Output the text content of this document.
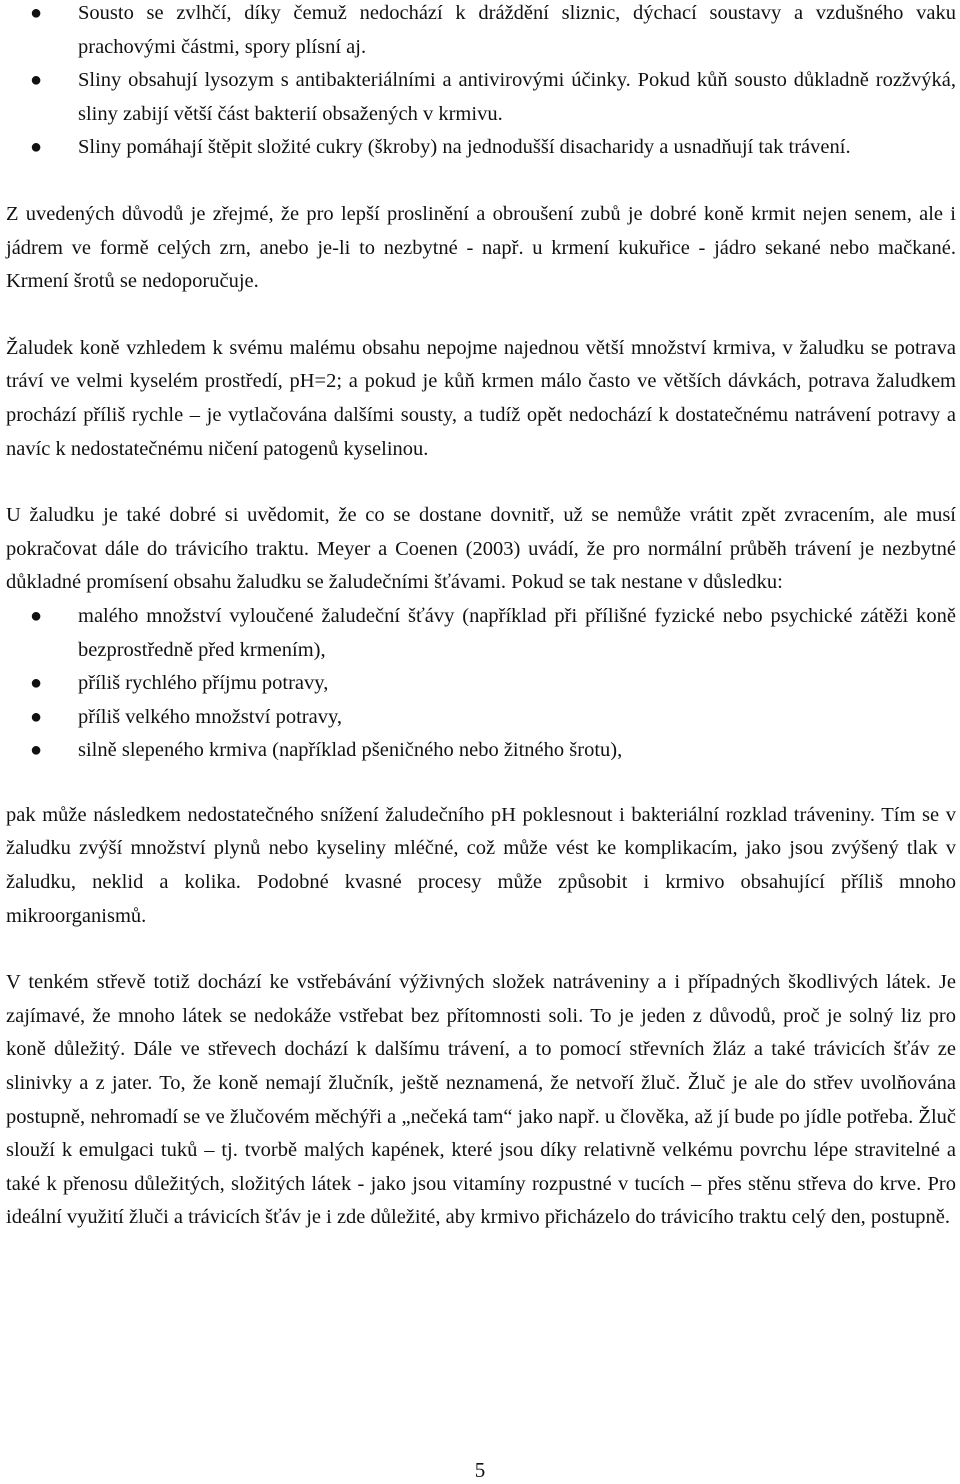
● Sousto se zvlhčí, díky čemuž nedochází k dráždění sliznic, dýchací soustavy a vzdušného vaku prachovými částmi, spory plísní aj.
● Sliny obsahují lysozym s antibakteriálními a antivirovými účinky. Pokud kůň sousto důkladně rozžvýká, sliny zabijí větší část bakterií obsažených v krmivu.
● Sliny pomáhají štěpit složité cukry (škroby) na jednodušší disacharidy a usnadňují tak trávení.

Z uvedených důvodů je zřejmé, že pro lepší proslinění a obroušení zubů je dobré koně krmit nejen senem, ale i jádrem ve formě celých zrn, anebo je-li to nezbytné - např. u krmení kukuřice - jádro sekané nebo mačkané. Krmení šrotů se nedoporučuje.

Žaludek koně vzhledem k svému malému obsahu nepojme najednou větší množství krmiva, v žaludku se potrava tráví ve velmi kyselém prostředí, pH=2; a pokud je kůň krmen málo často ve větších dávkách, potrava žaludkem prochází příliš rychle – je vytlačována dalšími sousty, a tudíž opět nedochází k dostatečnému natrávení potravy a navíc k nedostatečnému ničení patogenů kyselinou.

U žaludku je také dobré si uvědomit, že co se dostane dovnitř, už se nemůže vrátit zpět zvracením, ale musí pokračovat dále do trávicího traktu. Meyer a Coenen (2003) uvádí, že pro normální průběh trávení je nezbytné důkladné promísení obsahu žaludku se žaludečními šťávami. Pokud se tak nestane v důsledku:

● malého množství vyloučené žaludeční šťávy (například při přílišné fyzické nebo psychické zátěži koně bezprostředně před krmením),
● příliš rychlého příjmu potravy,
● příliš velkého množství potravy,
● silně slepeného krmiva (například pšeničného nebo žitného šrotu),

pak může následkem nedostatečného snížení žaludečního pH poklesnout i bakteriální rozklad tráveniny. Tím se v žaludku zvýší množství plynů nebo kyseliny mléčné, což může vést ke komplikacím, jako jsou zvýšený tlak v žaludku, neklid a kolika. Podobné kvasné procesy může způsobit i krmivo obsahující příliš mnoho mikroorganismů.

V tenkém střevě totiž dochází ke vstřebávání výživných složek natráveniny a i případných škodlivých látek. Je zajímavé, že mnoho látek se nedokáže vstřebat bez přítomnosti soli. To je jeden z důvodů, proč je solný liz pro koně důležitý. Dále ve střevech dochází k dalšímu trávení, a to pomocí střevních žláz a také trávicích šťáv ze slinivky a z jater. To, že koně nemají žlučník, ještě neznamená, že netvoří žluč. Žluč je ale do střev uvolňována postupně, nehromadí se ve žlučovém měchýři a „nečeká tam“ jako např. u člověka, až jí bude po jídle potřeba. Žluč slouží k emulgaci tuků – tj. tvorbě malých kapének, které jsou díky relativně velkému povrchu lépe stravitelné a také k přenosu důležitých, složitých látek - jako jsou vitamíny rozpustné v tucích – přes stěnu střeva do krve. Pro ideální využití žluči a trávicích šťáv je i zde důležité, aby krmivo přicházelo do trávicího traktu celý den, postupně.

5
